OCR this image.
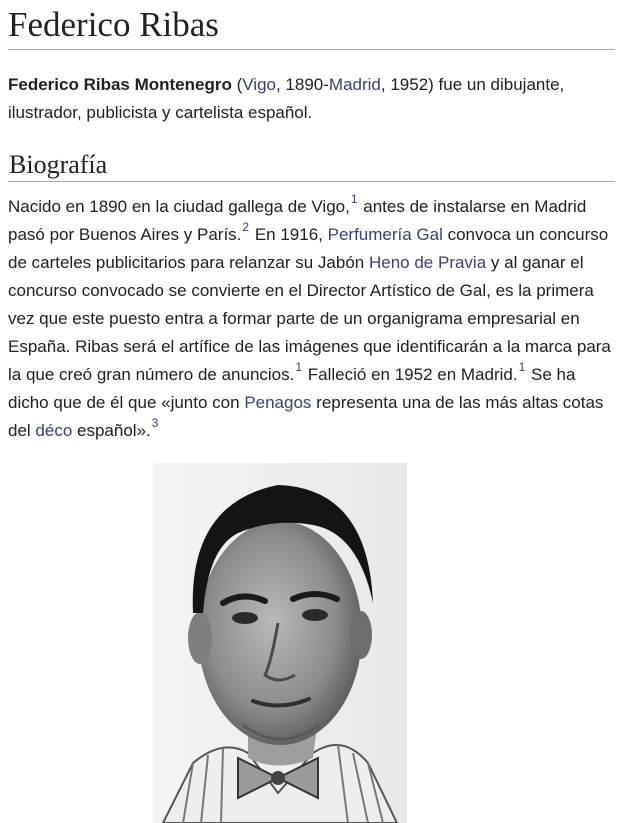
Federico Ribas

Federico Ribas Montenegro (Vigo, 1890-Madrid, 1952) fue un dibujante, ilustrador, publicista y cartelista español.

Biografía

Nacido en 1890 en la ciudad gallega de Vigo,$^1$ antes de instalarse en Madrid pasó por Buenos Aires y París.$^2$ En 1916, Perfumería Gal convoca un concurso de carteles publicitarios para relanzar su Jabón Heno de Pravia y al ganar el concurso convocado se convierte en el Director Artístico de Gal, es la primera vez que este puesto entra a formar parte de un organigrama empresarial en España. Ribas será el artífice de las imágenes que identificarán a la marca para la que creó gran número de anuncios.$^1$ Falleció en 1952 en Madrid.$^1$ Se ha dicho que de él que «junto con Penagos representa una de las más altas cotas del déco español».$^3$
